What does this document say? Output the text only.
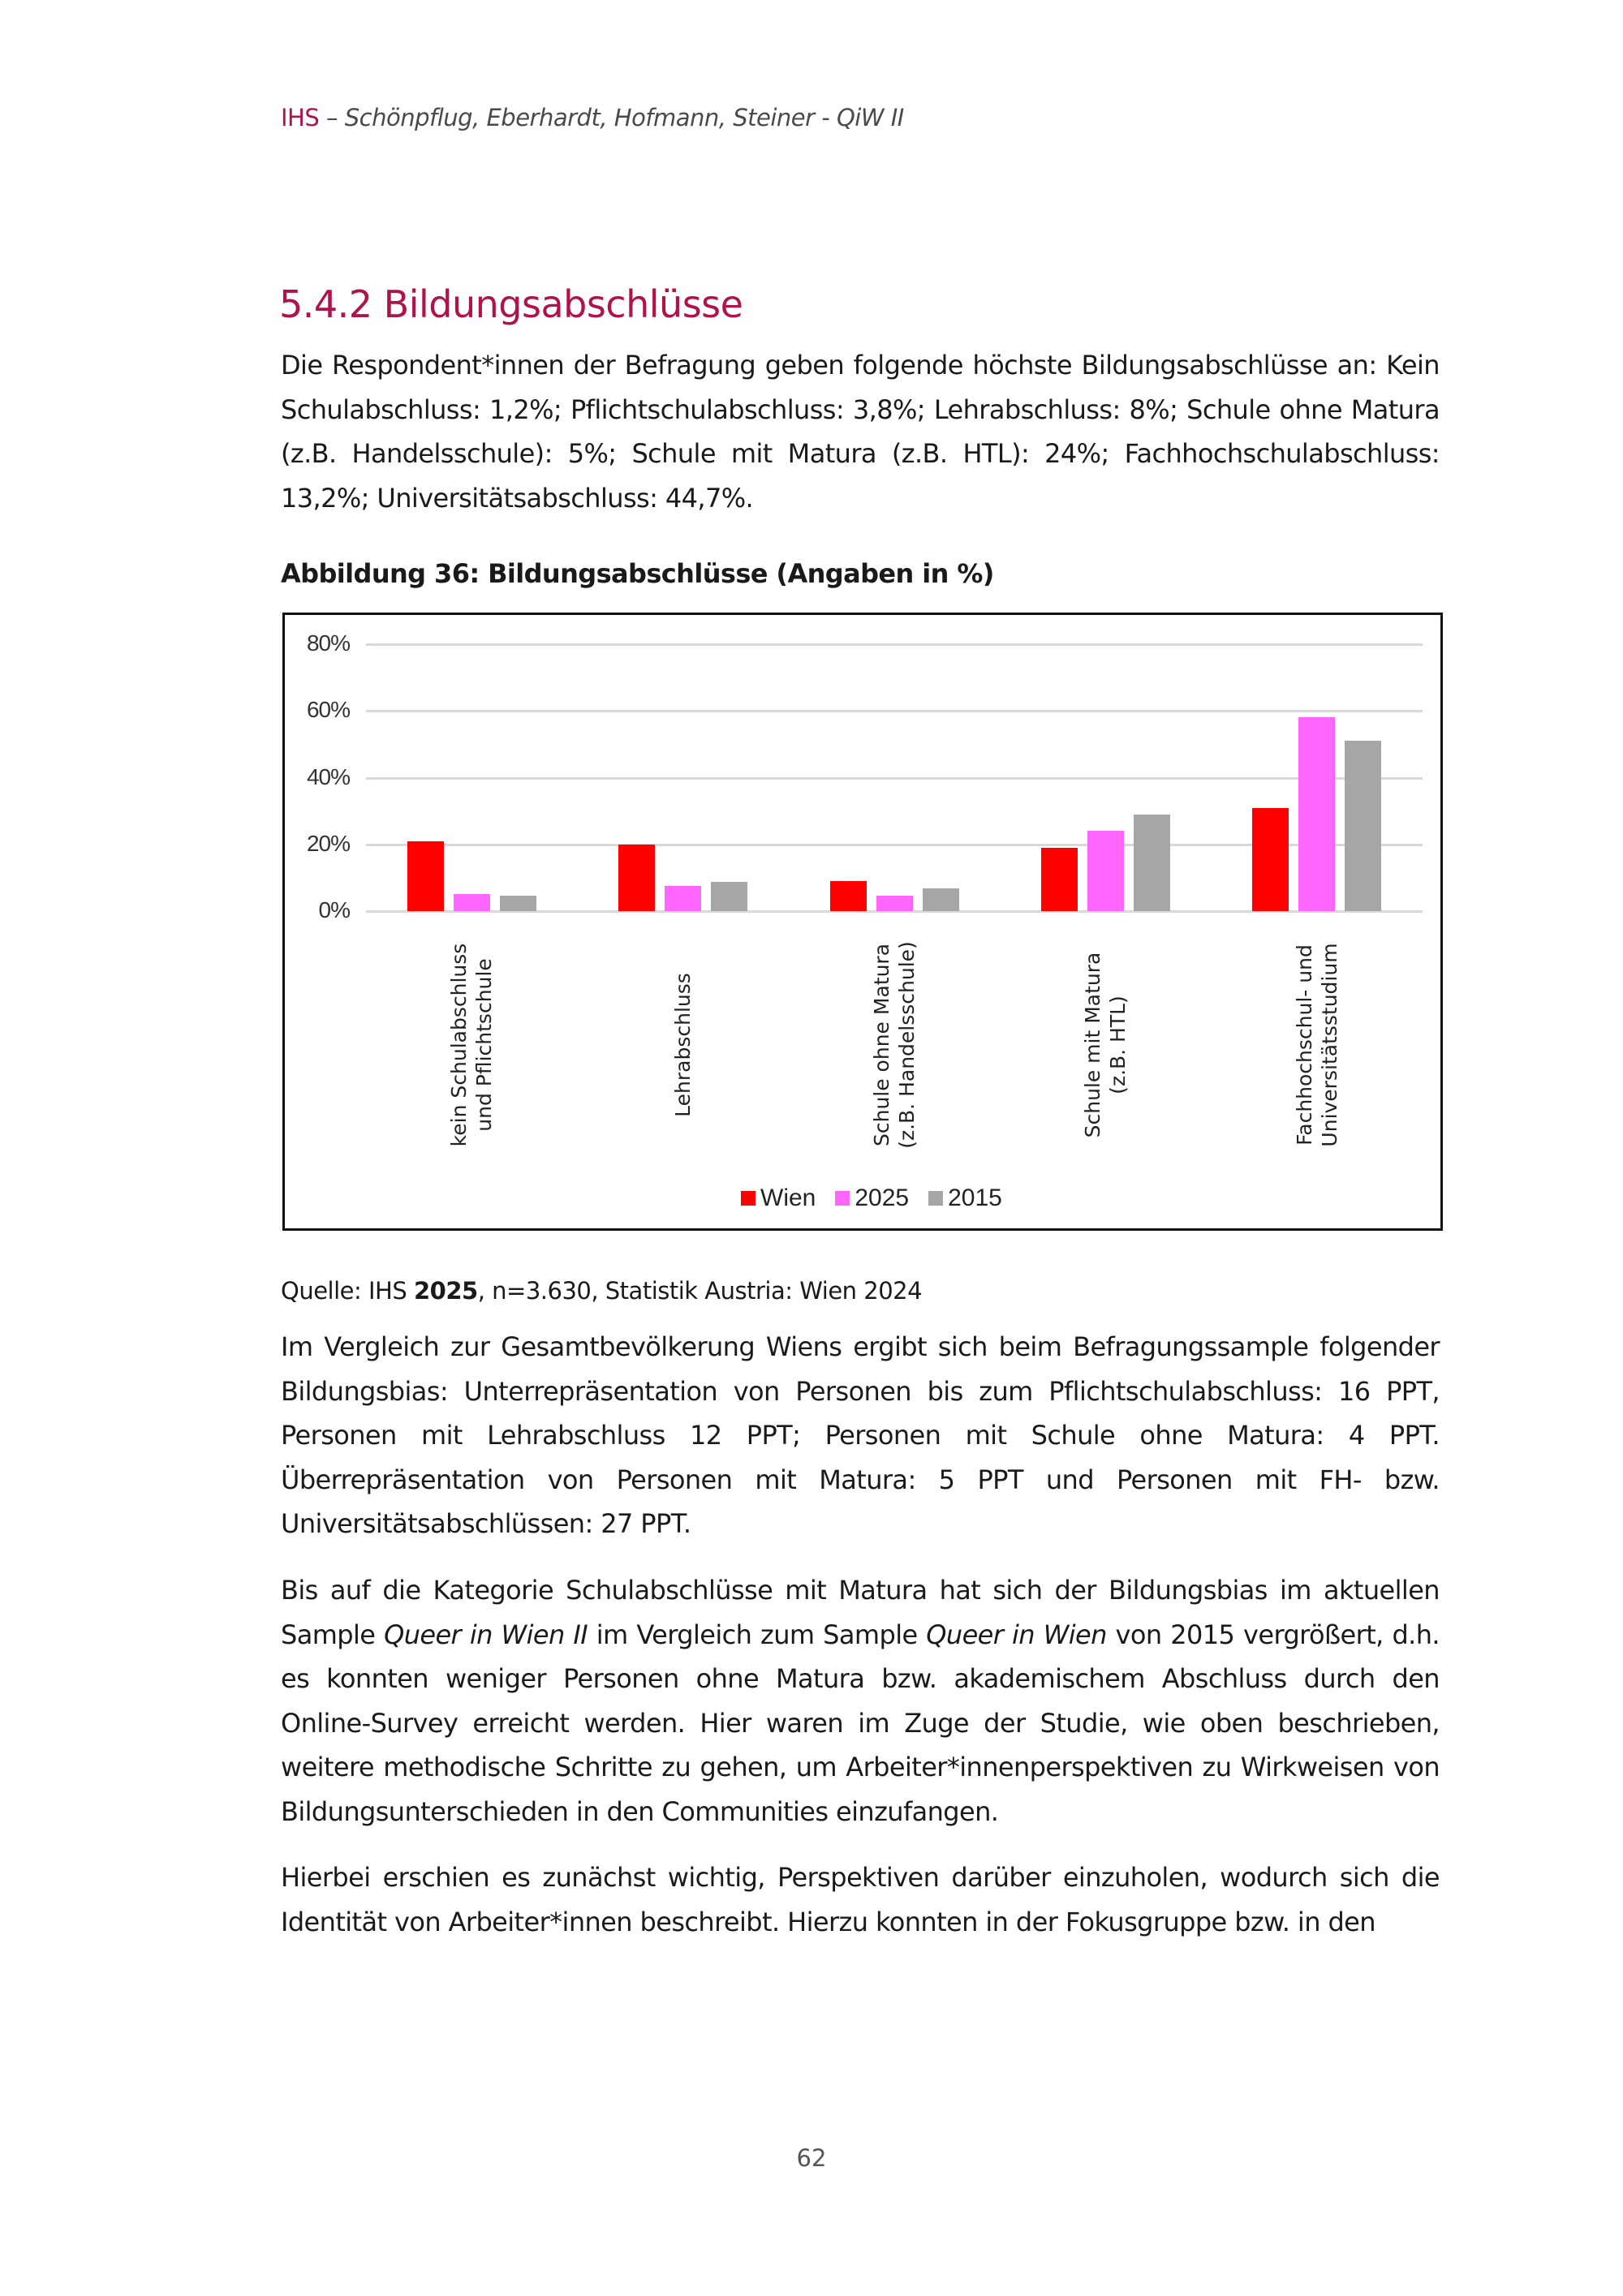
IHS – Schönpflug, Eberhardt, Hofmann, Steiner - QiW II
5.4.2 Bildungsabschlüsse

Die Respondent*innen der Befragung geben folgende höchste Bildungsabschlüsse an: Kein Schulabschluss: 1,2%; Pflichtschulabschluss: 3,8%; Lehrabschluss: 8%; Schule ohne Matura (z.B. Handelsschule): 5%; Schule mit Matura (z.B. HTL): 24%; Fachhochschulabschluss: 13,2%; Universitätsabschluss: 44,7%.

Abbildung 36: Bildungsabschlüsse (Angaben in %)

0%
20%
40%
60%
80%
kein Schulabschluss und Pflichtschule	Lehrabschluss	Schule ohne Matura (z.B. Handelsschule)	Schule mit Matura (z.B. HTL)	Fachhochschul- und Universitätsstudium
Wien 2025 2015
Quelle: IHS 2025, n=3.630, Statistik Austria: Wien 2024

Im Vergleich zur Gesamtbevölkerung Wiens ergibt sich beim Befragungssample folgender Bildungsbias: Unterrepräsentation von Personen bis zum Pflichtschulabschluss: 16 PPT, Personen mit Lehrabschluss 12 PPT; Personen mit Schule ohne Matura: 4 PPT. Überrepräsentation von Personen mit Matura: 5 PPT und Personen mit FH- bzw. Universitätsabschlüssen: 27 PPT.

Bis auf die Kategorie Schulabschlüsse mit Matura hat sich der Bildungsbias im aktuellen Sample Queer in Wien II im Vergleich zum Sample Queer in Wien von 2015 vergrößert, d.h. es konnten weniger Personen ohne Matura bzw. akademischem Abschluss durch den Online-Survey erreicht werden. Hier waren im Zuge der Studie, wie oben beschrieben, weitere methodische Schritte zu gehen, um Arbeiter*innenperspektiven zu Wirkweisen von Bildungsunterschieden in den Communities einzufangen.

Hierbei erschien es zunächst wichtig, Perspektiven darüber einzuholen, wodurch sich die Identität von Arbeiter*innen beschreibt. Hierzu konnten in der Fokusgruppe bzw. in den

62
